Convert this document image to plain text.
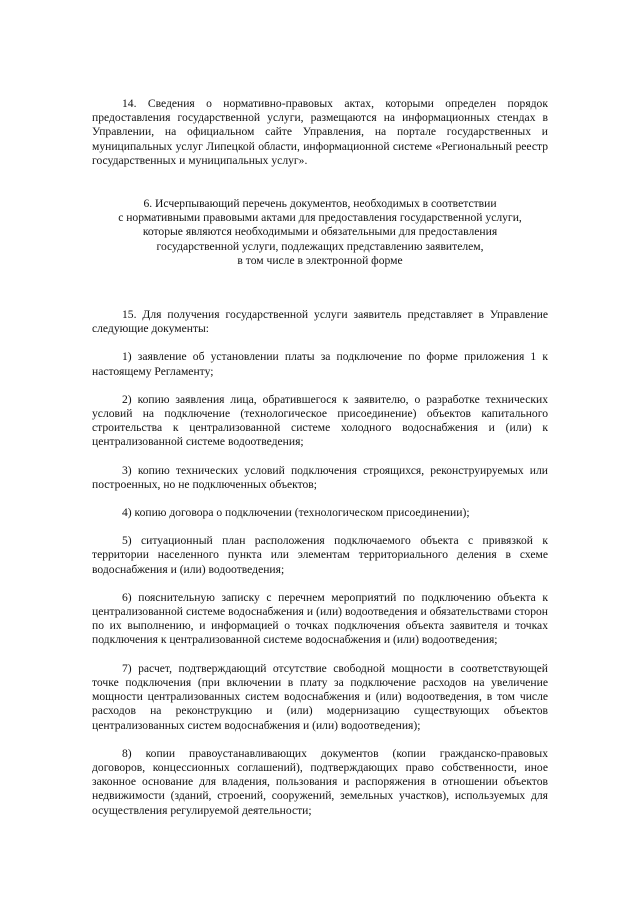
14. Сведения о нормативно-правовых актах, которыми определен порядок предоставления государственной услуги, размещаются на информационных стендах в Управлении, на официальном сайте Управления, на портале государственных и муниципальных услуг Липецкой области, информационной системе «Региональный реестр государственных и муниципальных услуг».

6. Исчерпывающий перечень документов, необходимых в соответствии
с нормативными правовыми актами для предоставления государственной услуги,
которые являются необходимыми и обязательными для предоставления
государственной услуги, подлежащих представлению заявителем,
в том числе в электронной форме

15. Для получения государственной услуги заявитель представляет в Управление следующие документы:

1) заявление об установлении платы за подключение по форме приложения 1 к настоящему Регламенту;

2) копию заявления лица, обратившегося к заявителю, о разработке технических условий на подключение (технологическое присоединение) объектов капитального строительства к централизованной системе холодного водоснабжения и (или) к централизованной системе водоотведения;

3) копию технических условий подключения строящихся, реконструируемых или построенных, но не подключенных объектов;

4) копию договора о подключении (технологическом присоединении);

5) ситуационный план расположения подключаемого объекта с привязкой к территории населенного пункта или элементам территориального деления в схеме водоснабжения и (или) водоотведения;

6) пояснительную записку с перечнем мероприятий по подключению объекта к централизованной системе водоснабжения и (или) водоотведения и обязательствами сторон по их выполнению, и информацией о точках подключения объекта заявителя и точках подключения к централизованной системе водоснабжения и (или) водоотведения;

7) расчет, подтверждающий отсутствие свободной мощности в соответствующей точке подключения (при включении в плату за подключение расходов на увеличение мощности централизованных систем водоснабжения и (или) водоотведения, в том числе расходов на реконструкцию и (или) модернизацию существующих объектов централизованных систем водоснабжения и (или) водоотведения);

8) копии правоустанавливающих документов (копии гражданско-правовых договоров, концессионных соглашений), подтверждающих право собственности, иное законное основание для владения, пользования и распоряжения в отношении объектов недвижимости (зданий, строений, сооружений, земельных участков), используемых для осуществления регулируемой деятельности;
